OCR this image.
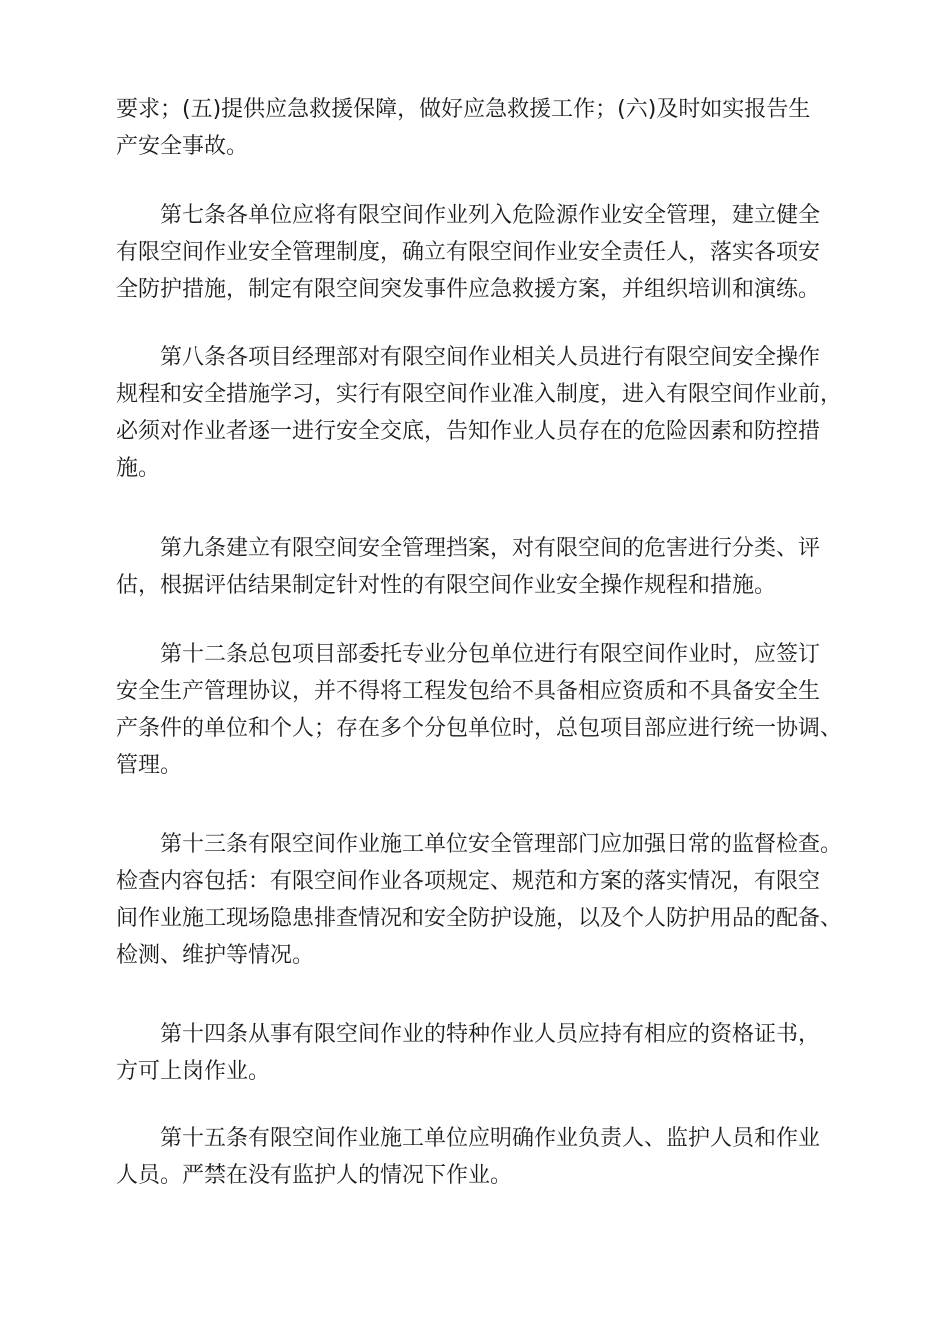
要求；(五)提供应急救援保障，做好应急救援工作；(六)及时如实报告生
产安全事故。
第七条各单位应将有限空间作业列入危险源作业安全管理，建立健全
有限空间作业安全管理制度，确立有限空间作业安全责任人，落实各项安
全防护措施，制定有限空间突发事件应急救援方案，并组织培训和演练。
第八条各项目经理部对有限空间作业相关人员进行有限空间安全操作
规程和安全措施学习，实行有限空间作业准入制度，进入有限空间作业前，
必须对作业者逐一进行安全交底，告知作业人员存在的危险因素和防控措
施。
第九条建立有限空间安全管理挡案，对有限空间的危害进行分类、评
估，根据评估结果制定针对性的有限空间作业安全操作规程和措施。
第十二条总包项目部委托专业分包单位进行有限空间作业时，应签订
安全生产管理协议，并不得将工程发包给不具备相应资质和不具备安全生
产条件的单位和个人；存在多个分包单位时，总包项目部应进行统一协调、
管理。
第十三条有限空间作业施工单位安全管理部门应加强日常的监督检查。
检查内容包括：有限空间作业各项规定、规范和方案的落实情况，有限空
间作业施工现场隐患排查情况和安全防护设施，以及个人防护用品的配备、
检测、维护等情况。
第十四条从事有限空间作业的特种作业人员应持有相应的资格证书，
方可上岗作业。
第十五条有限空间作业施工单位应明确作业负责人、监护人员和作业
人员。严禁在没有监护人的情况下作业。
